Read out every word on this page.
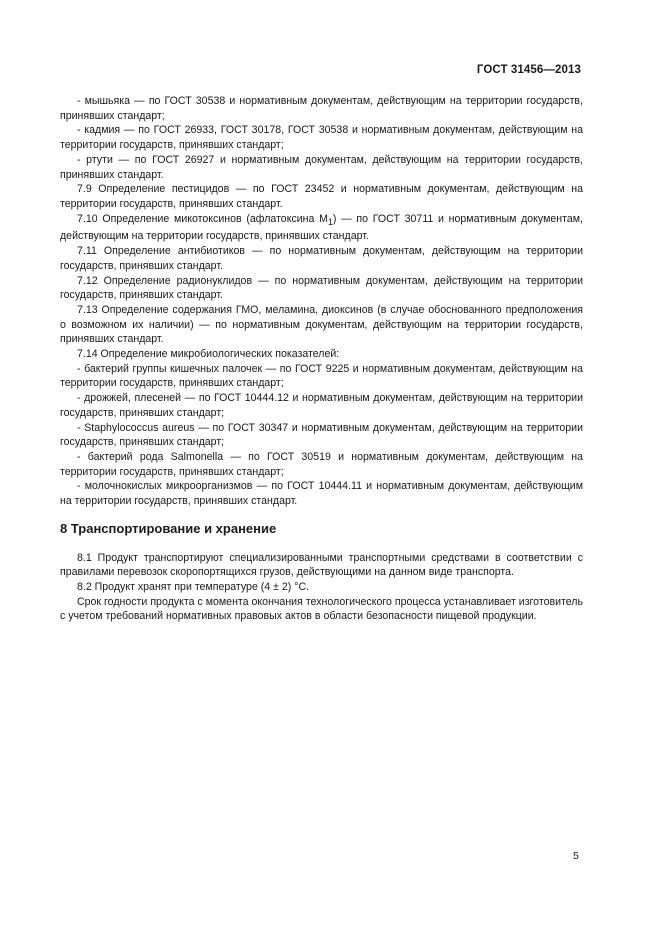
ГОСТ 31456—2013

- мышьяка — по ГОСТ 30538 и нормативным документам, действующим на территории государств, принявших стандарт;

- кадмия — по ГОСТ 26933, ГОСТ 30178, ГОСТ 30538 и нормативным документам, действующим на территории государств, принявших стандарт;

- ртути — по ГОСТ 26927 и нормативным документам, действующим на территории государств, принявших стандарт.

7.9 Определение пестицидов — по ГОСТ 23452 и нормативным документам, действующим на территории государств, принявших стандарт.

7.10 Определение микотоксинов (афлатоксина $М_1$) — по ГОСТ 30711 и нормативным документам, действующим на территории государств, принявших стандарт.

7.11 Определение антибиотиков — по нормативным документам, действующим на территории государств, принявших стандарт.

7.12 Определение радионуклидов — по нормативным документам, действующим на территории государств, принявших стандарт.

7.13 Определение содержания ГМО, меламина, диоксинов (в случае обоснованного предположения о возможном их наличии) — по нормативным документам, действующим на территории государств, принявших стандарт.

7.14 Определение микробиологических показателей:

- бактерий группы кишечных палочек — по ГОСТ 9225 и нормативным документам, действующим на территории государств, принявших стандарт;

- дрожжей, плесеней — по ГОСТ 10444.12 и нормативным документам, действующим на территории государств, принявших стандарт;

- Staphylococcus aureus — по ГОСТ 30347 и нормативным документам, действующим на территории государств, принявших стандарт;

- бактерий рода Salmonella — по ГОСТ 30519 и нормативным документам, действующим на территории государств, принявших стандарт;

- молочнокислых микроорганизмов — по ГОСТ 10444.11 и нормативным документам, действующим на территории государств, принявших стандарт.

8 Транспортирование и хранение

8.1 Продукт транспортируют специализированными транспортными средствами в соответствии с правилами перевозок скоропортящихся грузов, действующими на данном виде транспорта.

8.2 Продукт хранят при температуре (4 ± 2) °С.

Срок годности продукта с момента окончания технологического процесса устанавливает изготовитель с учетом требований нормативных правовых актов в области безопасности пищевой продукции.

5
